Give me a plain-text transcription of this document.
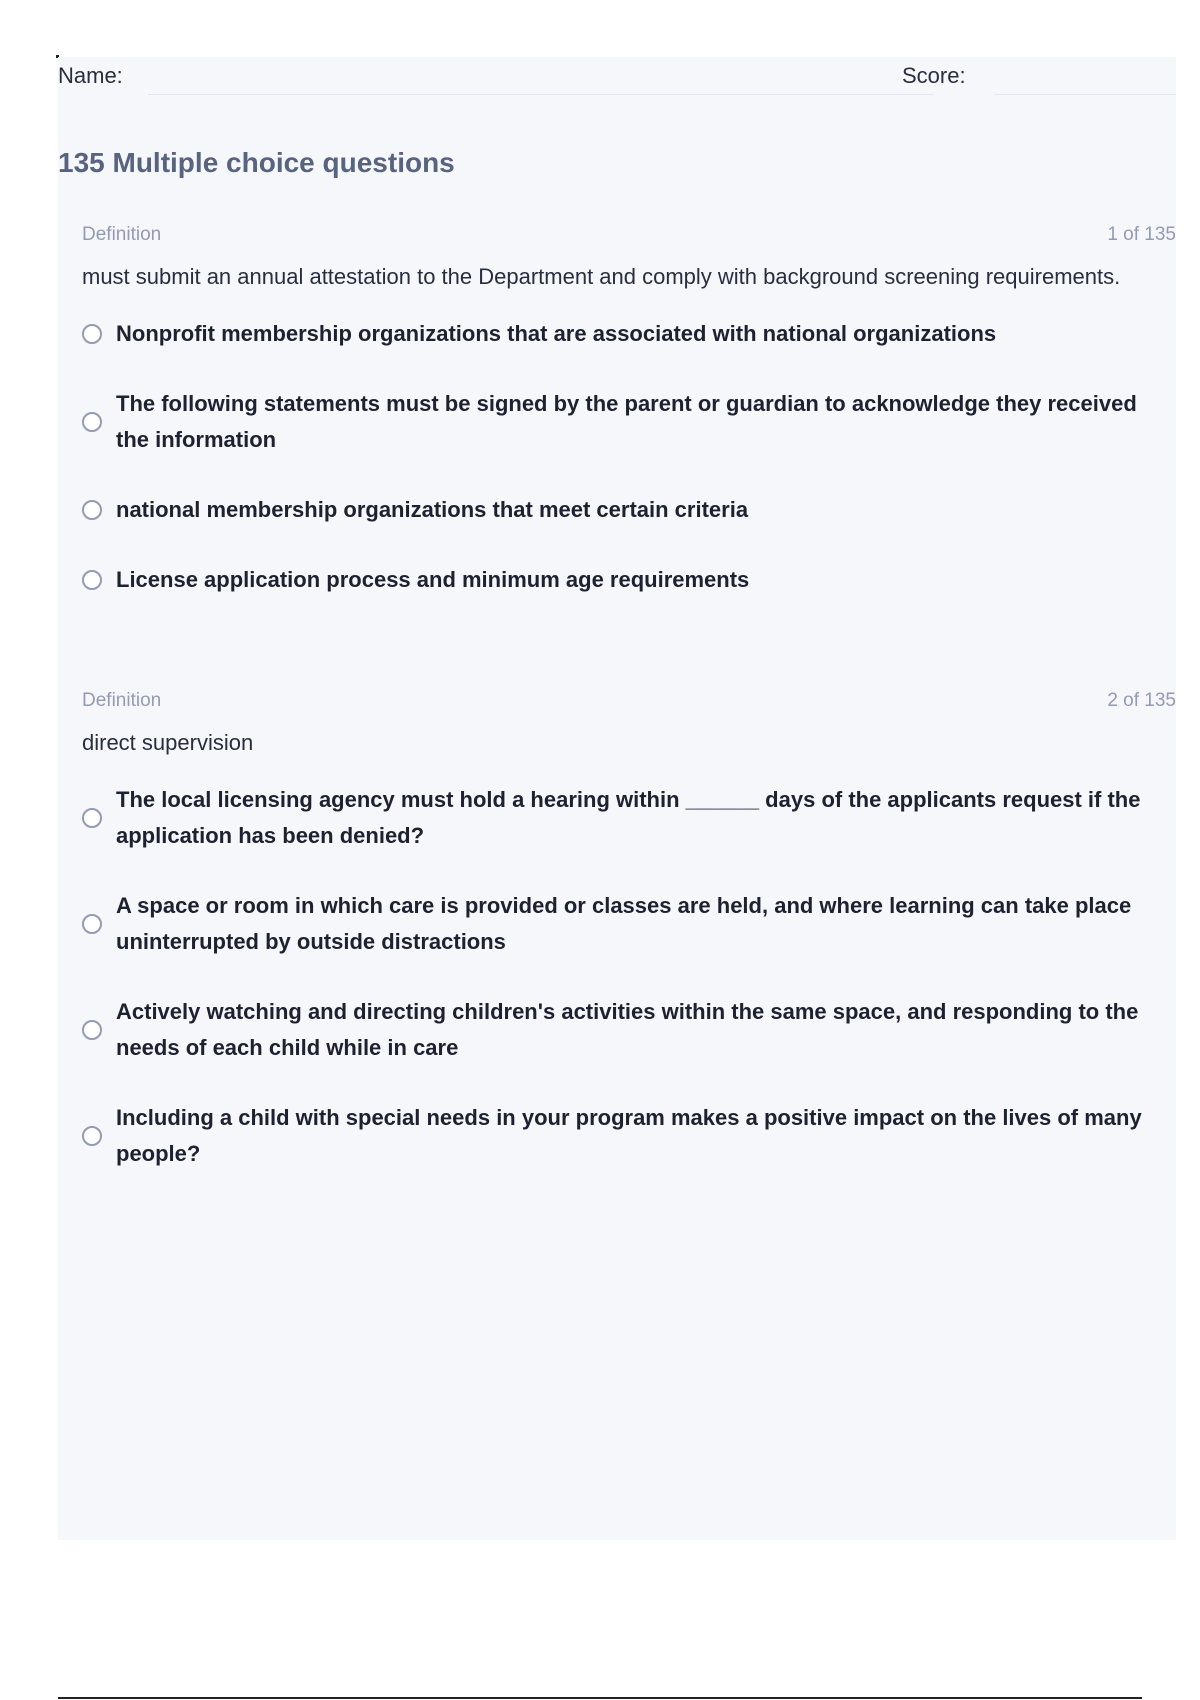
Name:	Score:
135 Multiple choice questions
Definition	1 of 135
must submit an annual attestation to the Department and comply with background screening requirements.
Nonprofit membership organizations that are associated with national organizations
The following statements must be signed by the parent or guardian to acknowledge they received the information
national membership organizations that meet certain criteria
License application process and minimum age requirements
Definition	2 of 135
direct supervision
The local licensing agency must hold a hearing within ______ days of the applicants request if the application has been denied?
A space or room in which care is provided or classes are held, and where learning can take place uninterrupted by outside distractions
Actively watching and directing children's activities within the same space, and responding to the needs of each child while in care
Including a child with special needs in your program makes a positive impact on the lives of many people?
